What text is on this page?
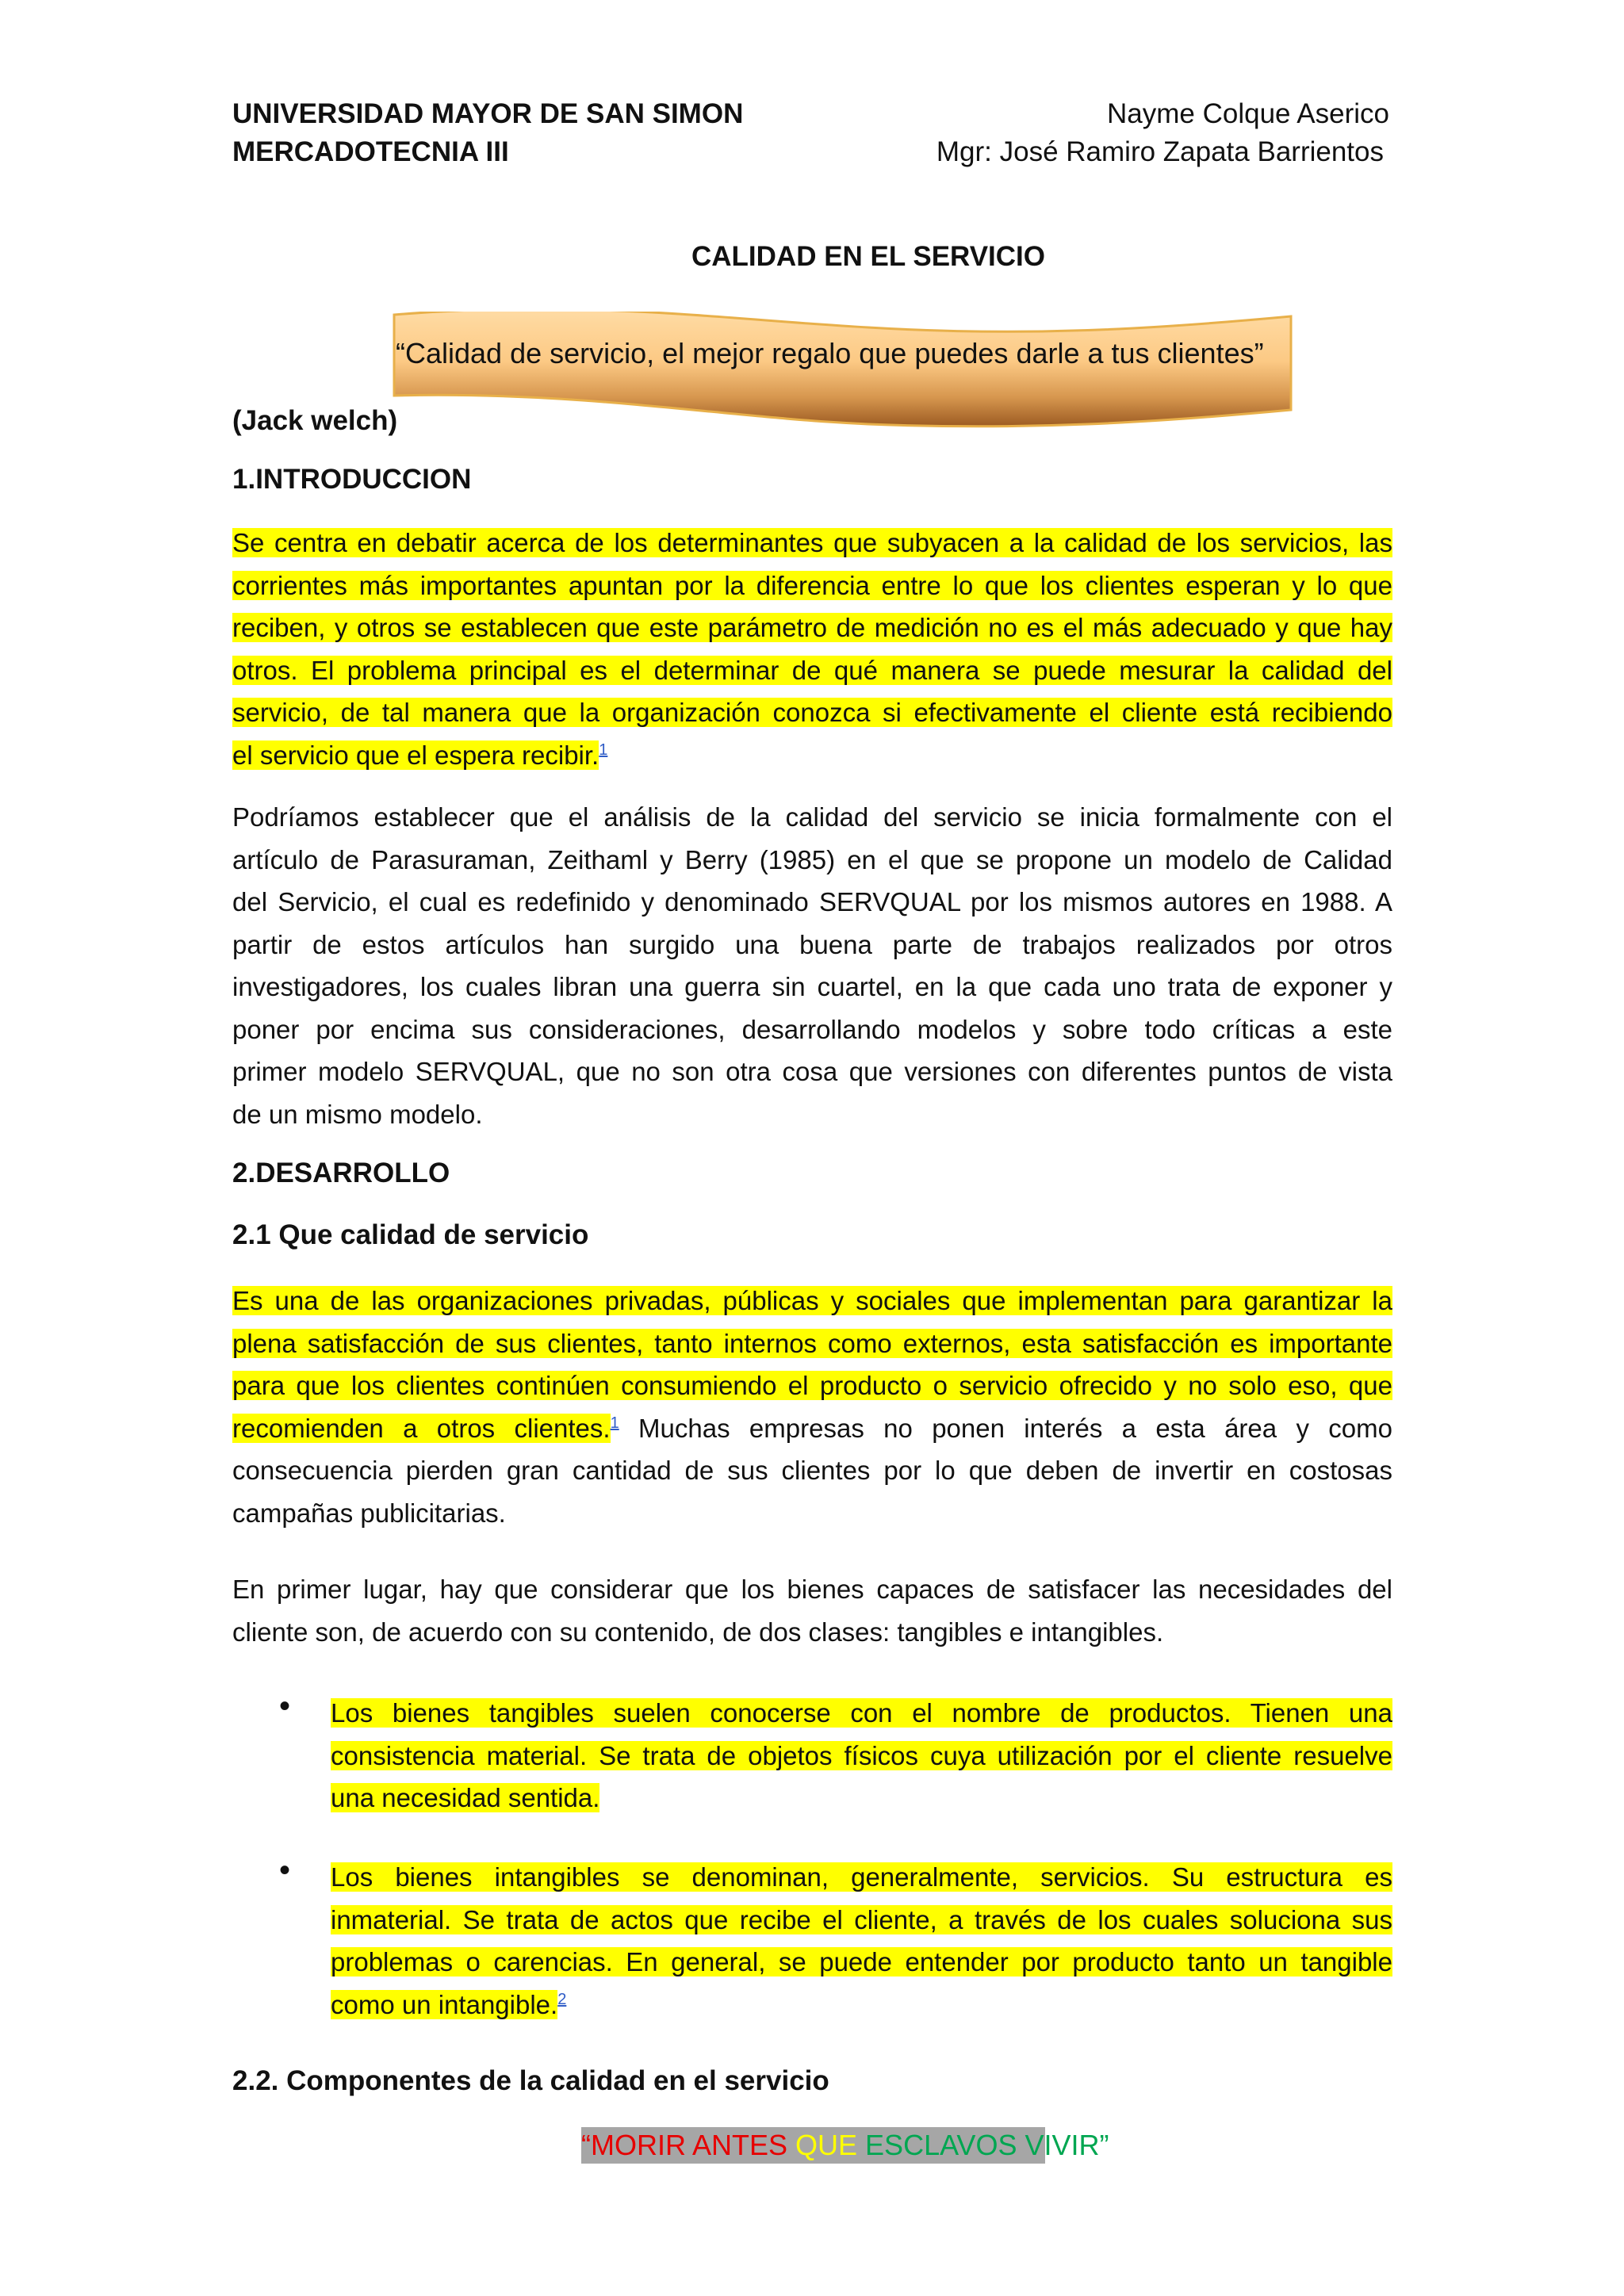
UNIVERSIDAD MAYOR DE SAN SIMON
MERCADOTECNIA III
Nayme Colque Aserico
Mgr: José Ramiro Zapata Barrientos
CALIDAD EN EL SERVICIO
“Calidad de servicio, el mejor regalo que puedes darle a tus clientes”
(Jack welch)
1.INTRODUCCION
Se centra en debatir acerca de los determinantes que subyacen a la calidad de los servicios, las
corrientes más importantes apuntan por la diferencia entre lo que los clientes esperan y lo que
reciben, y otros se establecen que este parámetro de medición no es el más adecuado y que hay
otros. El problema principal es el determinar de qué manera se puede mesurar la calidad del
servicio, de tal manera que la organización conozca si efectivamente el cliente está recibiendo
el servicio que el espera recibir.$^1$
Podríamos establecer que el análisis de la calidad del servicio se inicia formalmente con el
artículo de Parasuraman, Zeithaml y Berry (1985) en el que se propone un modelo de Calidad
del Servicio, el cual es redefinido y denominado SERVQUAL por los mismos autores en 1988. A
partir de estos artículos han surgido una buena parte de trabajos realizados por otros
investigadores, los cuales libran una guerra sin cuartel, en la que cada uno trata de exponer y
poner por encima sus consideraciones, desarrollando modelos y sobre todo críticas a este
primer modelo SERVQUAL, que no son otra cosa que versiones con diferentes puntos de vista
de un mismo modelo.
2.DESARROLLO
2.1 Que calidad de servicio
Es una de las organizaciones privadas, públicas y sociales que implementan para garantizar la
plena satisfacción de sus clientes, tanto internos como externos, esta satisfacción es importante
para que los clientes continúen consumiendo el producto o servicio ofrecido y no solo eso, que
recomienden a otros clientes.$^1$ Muchas empresas no ponen interés a esta área y como
consecuencia pierden gran cantidad de sus clientes por lo que deben de invertir en costosas
campañas publicitarias.
En primer lugar, hay que considerar que los bienes capaces de satisfacer las necesidades del
cliente son, de acuerdo con su contenido, de dos clases: tangibles e intangibles.
• Los bienes tangibles suelen conocerse con el nombre de productos. Tienen una
consistencia material. Se trata de objetos físicos cuya utilización por el cliente resuelve
una necesidad sentida.
• Los bienes intangibles se denominan, generalmente, servicios. Su estructura es
inmaterial. Se trata de actos que recibe el cliente, a través de los cuales soluciona sus
problemas o carencias. En general, se puede entender por producto tanto un tangible
como un intangible.$^2$
2.2. Componentes de la calidad en el servicio
“MORIR ANTES QUE ESCLAVOS VIVIR”
